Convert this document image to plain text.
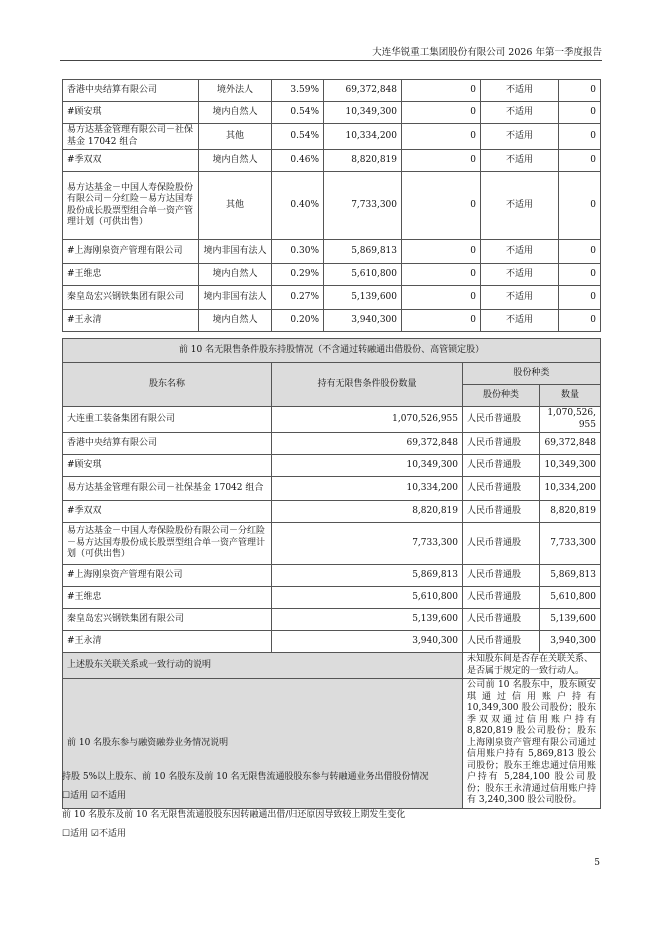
大连华锐重工集团股份有限公司 2026 年第一季度报告
香港中央结算有限公司	境外法人	3.59%	69,372,848	0	不适用	0
#顾安琪	境内自然人	0.54%	10,349,300	0	不适用	0
易方达基金管理有限公司－社保基金 17042 组合	其他	0.54%	10,334,200	0	不适用	0
#季双双	境内自然人	0.46%	8,820,819	0	不适用	0
易方达基金－中国人寿保险股份有限公司－分红险－易方达国寿股份成长股票型组合单一资产管理计划（可供出售）	其他	0.40%	7,733,300	0	不适用	0
#上海刚泉资产管理有限公司	境内非国有法人	0.30%	5,869,813	0	不适用	0
#王维忠	境内自然人	0.29%	5,610,800	0	不适用	0
秦皇岛宏兴钢铁集团有限公司	境内非国有法人	0.27%	5,139,600	0	不适用	0
#王永清	境内自然人	0.20%	3,940,300	0	不适用	0
前 10 名无限售条件股东持股情况（不含通过转融通出借股份、高管锁定股）			
股东名称	持有无限售条件股份数量	股份种类	
		股份种类	数量
大连重工装备集团有限公司	1,070,526,955	人民币普通股	1,070,526,
955

香港中央结算有限公司	69,372,848	人民币普通股	69,372,848

#顾安琪	10,349,300	人民币普通股	10,349,300

易方达基金管理有限公司－社保基金 17042 组合	10,334,200	人民币普通股	10,334,200

#季双双	8,820,819	人民币普通股	8,820,819

易方达基金－中国人寿保险股份有限公司－分红险－易方达国寿股份成长股票型组合单一资产管理计划（可供出售）	7,733,300	人民币普通股	7,733,300

#上海刚泉资产管理有限公司	5,869,813	人民币普通股	5,869,813

#王维忠	5,610,800	人民币普通股	5,610,800

秦皇岛宏兴钢铁集团有限公司	5,139,600	人民币普通股	5,139,600

#王永清	3,940,300	人民币普通股	3,940,300

上述股东关联关系或一致行动的说明		未知股东间是否存在关联关系、是否属于规定的一致行动人。	
前 10 名股东参与融资融券业务情况说明		公司前 10 名股东中，股东顾安琪通过信用账户持有 10,349,300 股公司股份；股东季双双通过信用账户持有 8,820,819 股公司股份；股东上海刚泉资产管理有限公司通过信用账户持有 5,869,813 股公司股份；股东王维忠通过信用账户持有 5,284,100 股公司股份；股东王永清通过信用账户持有 3,240,300 股公司股份。	
持股 5%以上股东、前 10 名股东及前 10 名无限售流通股股东参与转融通业务出借股份情况
☐适用 ☑不适用
前 10 名股东及前 10 名无限售流通股股东因转融通出借/归还原因导致较上期发生变化
☐适用 ☑不适用
5
